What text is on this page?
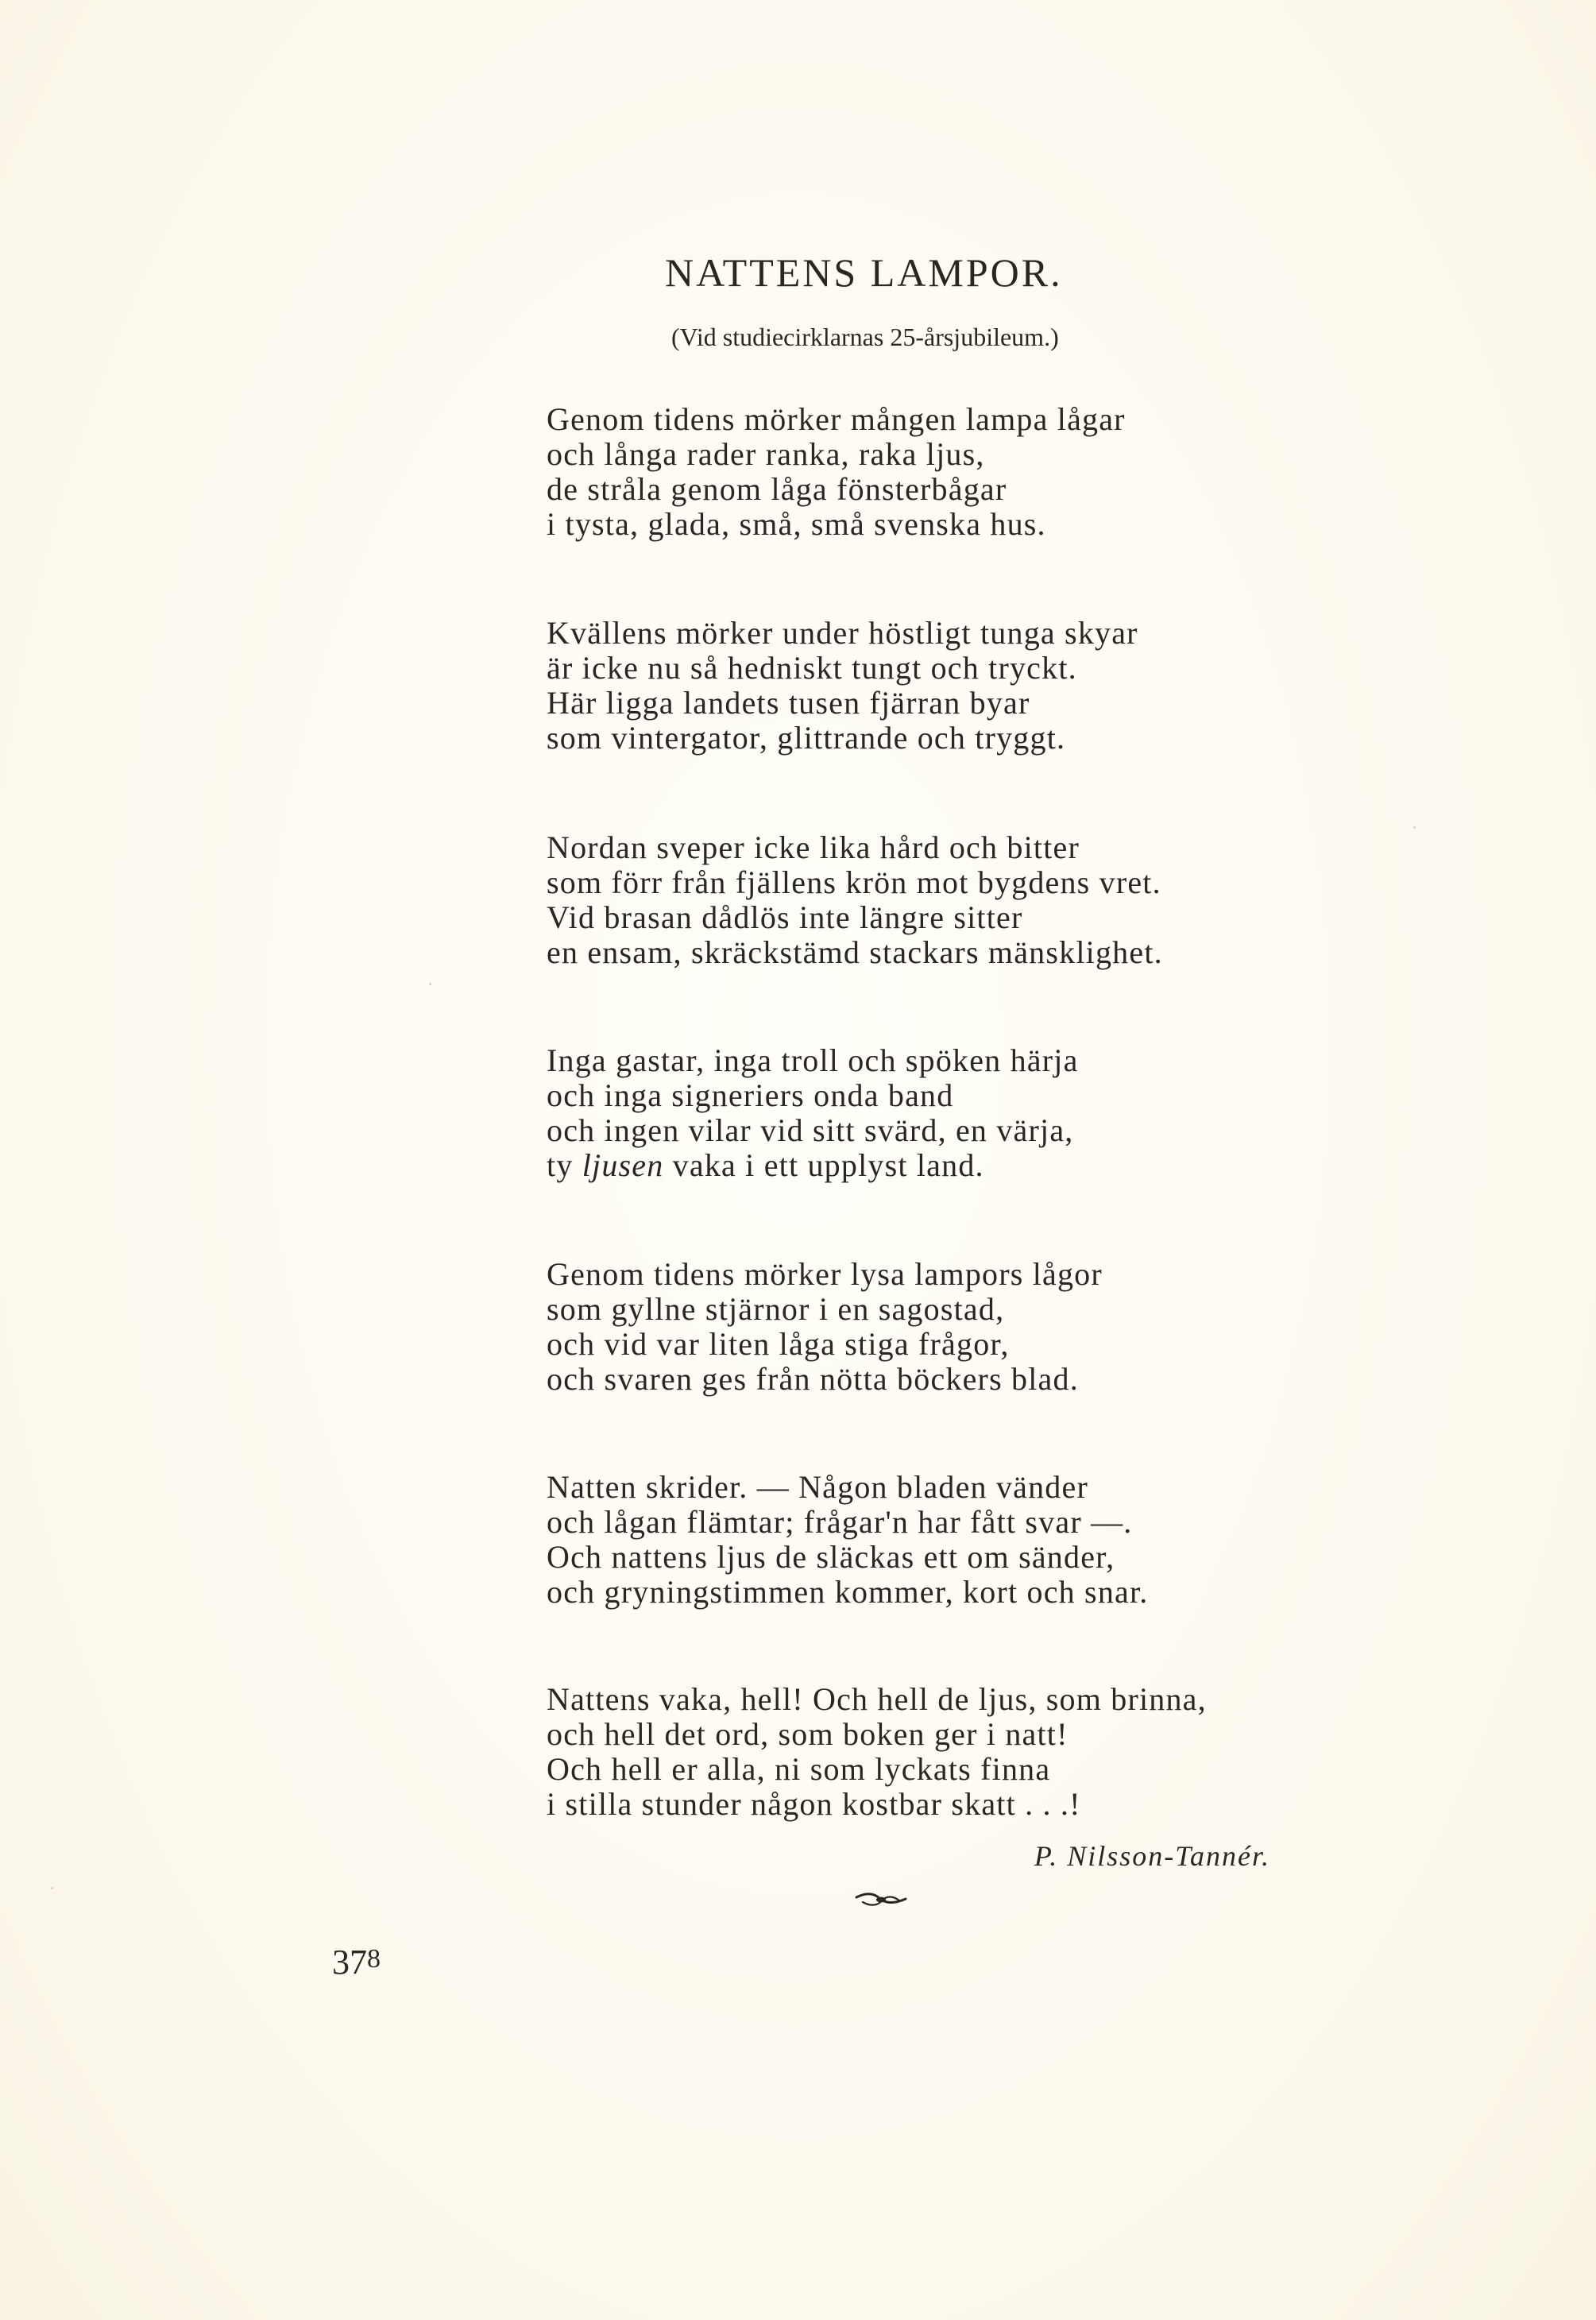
NATTENS LAMPOR.
(Vid studiecirklarnas 25-årsjubileum.)
Genom tidens mörker mången lampa lågar
och långa rader ranka, raka ljus,
de stråla genom låga fönsterbågar
i tysta, glada, små, små svenska hus.
Kvällens mörker under höstligt tunga skyar
är icke nu så hedniskt tungt och tryckt.
Här ligga landets tusen fjärran byar
som vintergator, glittrande och tryggt.
Nordan sveper icke lika hård och bitter
som förr från fjällens krön mot bygdens vret.
Vid brasan dådlös inte längre sitter
en ensam, skräckstämd stackars mänsklighet.
Inga gastar, inga troll och spöken härja
och inga signeriers onda band
och ingen vilar vid sitt svärd, en värja,
ty ljusen vaka i ett upplyst land.
Genom tidens mörker lysa lampors lågor
som gyllne stjärnor i en sagostad,
och vid var liten låga stiga frågor,
och svaren ges från nötta böckers blad.
Natten skrider. — Någon bladen vänder
och lågan flämtar; frågar'n har fått svar —.
Och nattens ljus de släckas ett om sänder,
och gryningstimmen kommer, kort och snar.
Nattens vaka, hell! Och hell de ljus, som brinna,
och hell det ord, som boken ger i natt!
Och hell er alla, ni som lyckats finna
i stilla stunder någon kostbar skatt . . .!
P. Nilsson-Tannér.
$37^8$
